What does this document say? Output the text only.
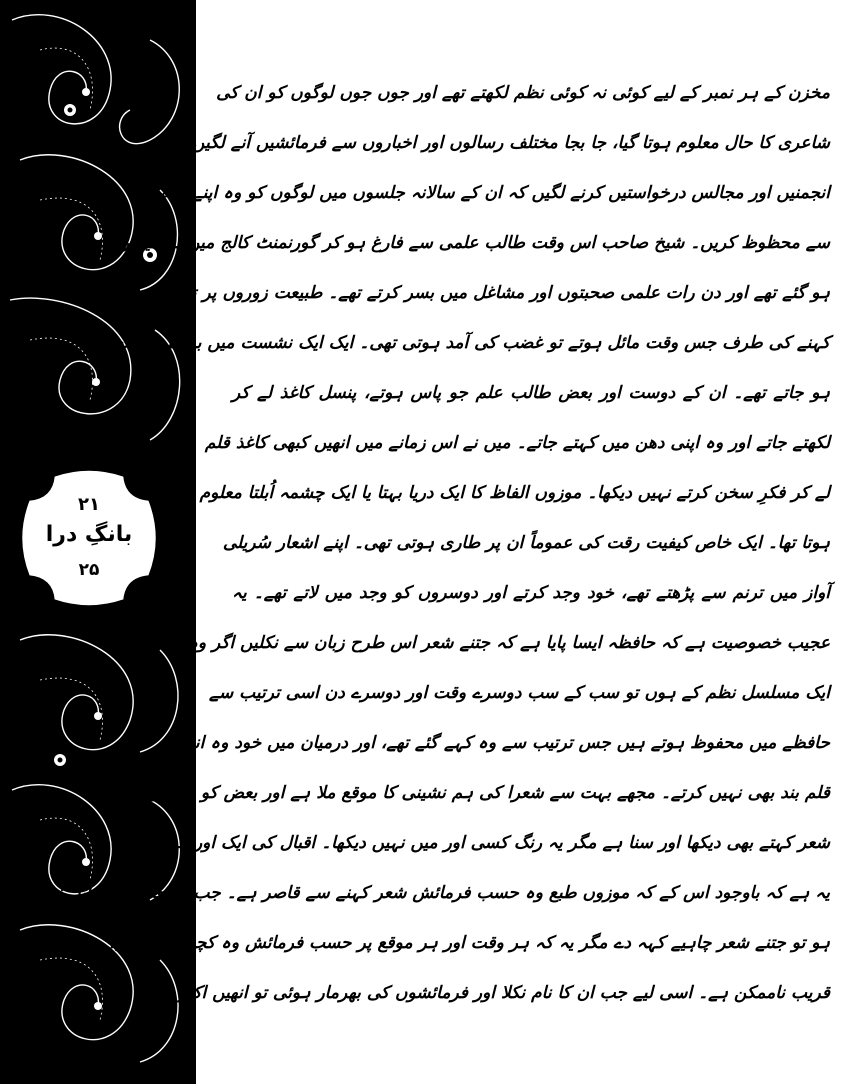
۲۱
بانگِ درا
۲۵
مخزن کے ہر نمبر کے لیے کوئی نہ کوئی نظم لکھتے تھے اور جوں جوں لوگوں کو ان کی
شاعری کا حال معلوم ہوتا گیا، جا بجا مختلف رسالوں اور اخباروں سے فرمائشیں آنے لگیں اور
انجمنیں اور مجالس درخواستیں کرنے لگیں کہ ان کے سالانہ جلسوں میں لوگوں کو وہ اپنے کلام
سے محظوظ کریں۔ شیخ صاحب اس وقت طالب علمی سے فارغ ہو کر گورنمنٹ کالج میں پروفیسر
ہو گئے تھے اور دن رات علمی صحبتوں اور مشاغل میں بسر کرتے تھے۔ طبیعت زوروں پر تھی، شعر
کہنے کی طرف جس وقت مائل ہوتے تو غضب کی آمد ہوتی تھی۔ ایک ایک نشست میں بے شمار شعر
ہو جاتے تھے۔ ان کے دوست اور بعض طالب علم جو پاس ہوتے، پنسل کاغذ لے کر
لکھتے جاتے اور وہ اپنی دھن میں کہتے جاتے۔ میں نے اس زمانے میں انھیں کبھی کاغذ قلم
لے کر فکرِ سخن کرتے نہیں دیکھا۔ موزوں الفاظ کا ایک دریا بہتا یا ایک چشمہ اُبلتا معلوم
ہوتا تھا۔ ایک خاص کیفیت رقت کی عموماً ان پر طاری ہوتی تھی۔ اپنے اشعار سُریلی
آواز میں ترنم سے پڑھتے تھے، خود وجد کرتے اور دوسروں کو وجد میں لاتے تھے۔ یہ
عجیب خصوصیت ہے کہ حافظہ ایسا پایا ہے کہ جتنے شعر اس طرح زبان سے نکلیں اگر وہ
ایک مسلسل نظم کے ہوں تو سب کے سب دوسرے وقت اور دوسرے دن اسی ترتیب سے
حافظے میں محفوظ ہوتے ہیں جس ترتیب سے وہ کہے گئے تھے، اور درمیان میں خود وہ انھیں
قلم بند بھی نہیں کرتے۔ مجھے بہت سے شعرا کی ہم نشینی کا موقع ملا ہے اور بعض کو میں نے
شعر کہتے بھی دیکھا اور سنا ہے مگر یہ رنگ کسی اور میں نہیں دیکھا۔ اقبال کی ایک اور خصوصیت
یہ ہے کہ باوجود اس کے کہ موزوں طبع وہ حسب فرمائش شعر کہنے سے قاصر ہے۔ جب طبیعت خود مائل نظم
ہو تو جتنے شعر چاہیے کہہ دے مگر یہ کہ ہر وقت اور ہر موقع پر حسب فرمائش وہ کچھ لکھ سکے، یہ قریب
قریب ناممکن ہے۔ اسی لیے جب ان کا نام نکلا اور فرمائشوں کی بھرمار ہوئی تو انھیں اکثر
